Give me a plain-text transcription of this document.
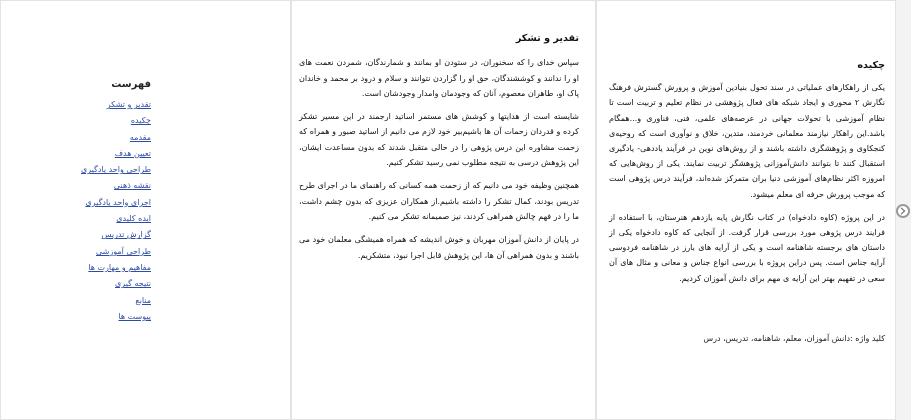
فهرست
تقدیر و تشکر
چکیده
مقدمه
تعیین هدف
طراحی واحد یادگیری
نقشه ذهنی
اجرای واحد یادگیری
ایده کلیدی
گزارش تدریس
طراحی آموزشی
مفاهیم و مهارت ها
نتیجه گیری
منابع
پیوست ها
تقدیر و تشکر

سپاس خدای را که سخنوران، در ستودن او بمانند و شمارندگان، شمردن نعمت های او را ندانند و کوششندگان، حق او را گزاردن نتوانند و سلام و درود بر محمد و خاندان پاک او، طاهران معصوم، آنان که وجودمان وامدار وجودشان است.

شایسته است از هدایتها و کوشش های مستمر اساتید ارجمند در این مسیر تشکر کرده و قدردان زحمات آن ها باشیم‌بیر خود لازم می دانیم از اساتید صبور و همراه که زحمت مشاوره این درس پژوهی را در حالی متقبل شدند که بدون مساعدت ایشان، این پژوهش درسی به نتیجه مطلوب نمی رسید تشکر کنیم.

همچنین وظیفه خود می دانیم که از زحمت همه کسانی که راهنمای ما در اجرای طرح تدریس بودند، کمال تشکر را داشته باشیم.از همکاران عزیزی که بدون چشم داشت، ما را در فهم چالش همراهی کردند، نیز صمیمانه تشکر می کنیم.

در پایان از دانش آموزان مهربان و خوش اندیشه که همراه همیشگی معلمان خود می باشند و بدون همراهی آن ها، این پژوهش قابل اجرا نبود، متشکریم.

چکیده

یکی از راهکارهای عملیاتی در سند تحول بنیادین آموزش و پرورش گسترش فرهنگ نگارش ۲ محوری و ایجاد شبکه های فعال پژوهشی در نظام تعلیم و تربیت است تا نظام آموزشی با تحولات جهانی در عرصه‌های علمی، فنی، فناوری و...همگام باشد.این راهکار نیازمند معلمانی خردمند، متدین، خلاق و نوآوری است که روحیه‌ی کنجکاوی و پژوهشگری داشته باشند و از روش‌های نوین در فرآیند یاددهی- یادگیری استقبال کنند تا بتوانند دانش‌آموزانی پژوهشگر تربیت نمایند. یکی از روش‌هایی که امروزه اکثر نظام‌های آموزشی دنیا بران متمرکز شده‌اند، فرآیند درس پژوهی است که موجب پرورش حرفه ای معلم میشود.

در این پروژه (کاوه دادخواه) در کتاب نگارش پایه یازدهم هنرستان، با استفاده از فرایند درس پژوهی مورد بررسی قرار گرفت. از آنجایی که کاوه دادخواه یکی از داستان های برجسته شاهنامه است و یکی از آرایه های بارز در شاهنامه فردوسی آرایه جناس است. پس دراین پروژه با بررسی انواع جناس و معانی و مثال های آن سعی در تفهیم بهتر این آرایه ی مهم برای دانش آموزان کردیم.

کلید واژه :دانش آموزان، معلم، شاهنامه، تدریس، درس
